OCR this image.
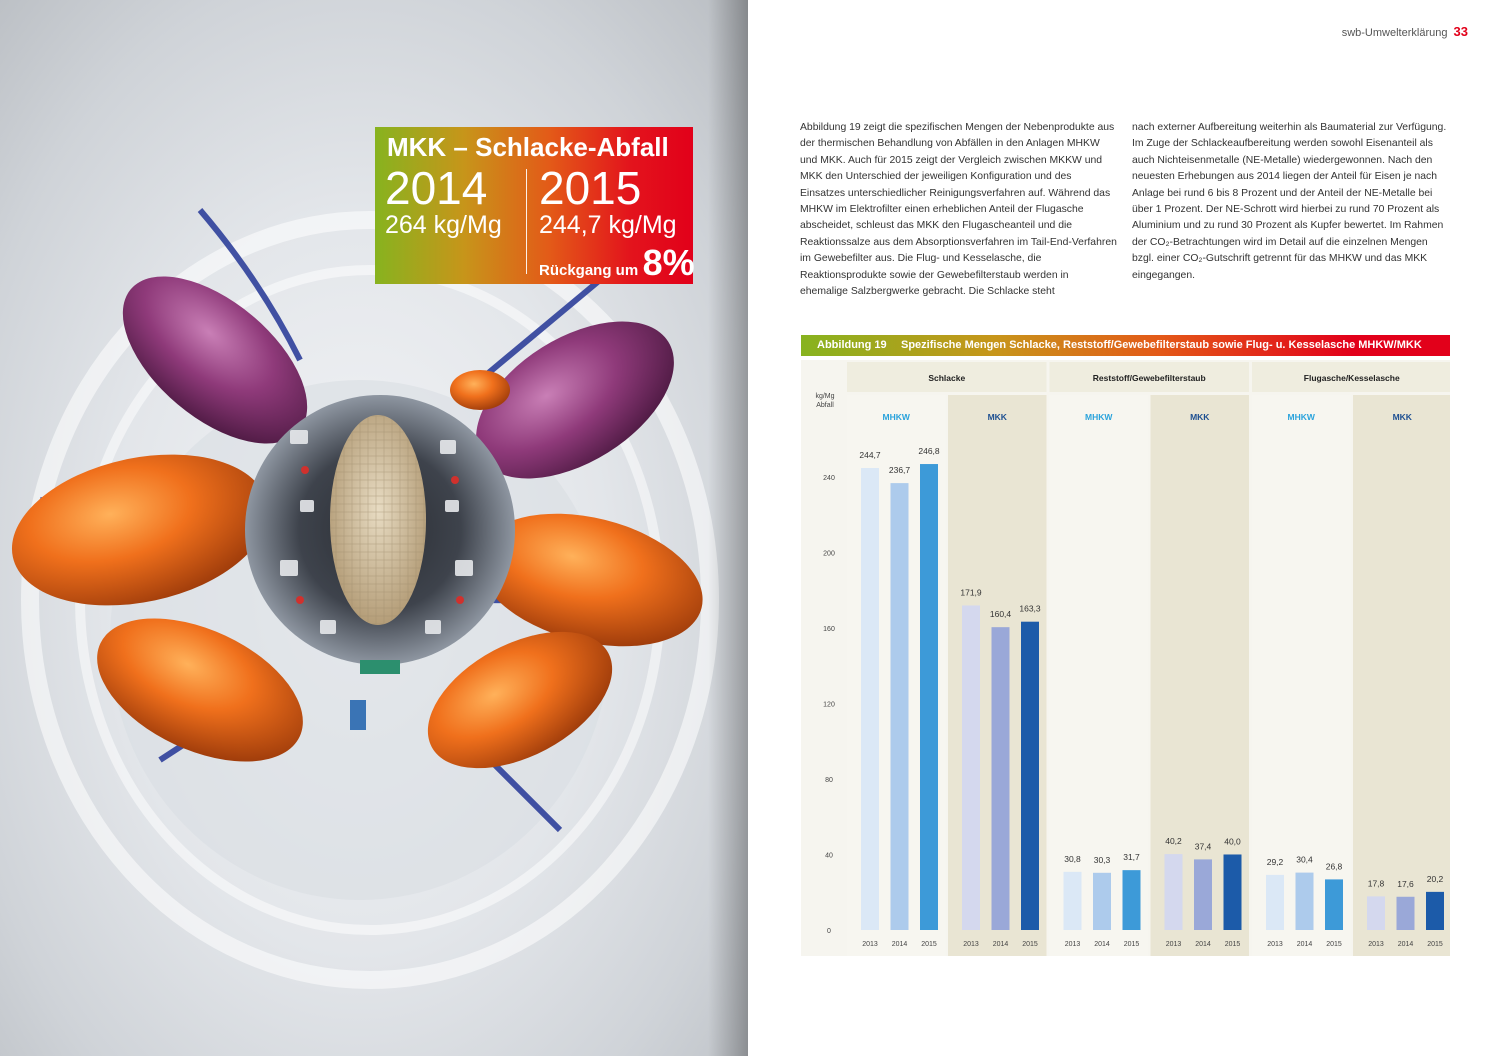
MKK – Schlacke-Abfall
2014
264 kg/Mg
2015
244,7 kg/Mg
Rückgang um 8%
swb-Umwelterklärung 33

Abbildung 19 zeigt die spezifischen Mengen der Nebenprodukte aus der thermischen Behandlung von Abfällen in den Anlagen MHKW und MKK. Auch für 2015 zeigt der Vergleich zwischen MKKW und MKK den Unterschied der jeweiligen Konfiguration und des Einsatzes unterschiedlicher Reinigungsverfahren auf. Während das MHKW im Elektrofilter einen erheblichen Anteil der Flugasche abscheidet, schleust das MKK den Flugascheanteil und die Reaktionssalze aus dem Absorptionsverfahren im Tail-End-Verfahren im Gewebefilter aus. Die Flug- und Kesselasche, die Reaktionsprodukte sowie der Gewebefilterstaub werden in ehemalige Salzbergwerke gebracht. Die Schlacke steht

nach externer Aufbereitung weiterhin als Baumaterial zur Verfügung. Im Zuge der Schlackeaufbereitung werden sowohl Eisenanteil als auch Nichteisenmetalle (NE-Metalle) wiedergewonnen. Nach den neuesten Erhebungen aus 2014 liegen der Anteil für Eisen je nach Anlage bei rund 6 bis 8 Prozent und der Anteil der NE-Metalle bei über 1 Prozent. Der NE-Schrott wird hierbei zu rund 70 Prozent als Aluminium und zu rund 30 Prozent als Kupfer bewertet. Im Rahmen der CO₂-Betrachtungen wird im Detail auf die einzelnen Mengen bzgl. einer CO₂-Gutschrift getrennt für das MHKW und das MKK eingegangen.

Abbildung 19 Spezifische Mengen Schlacke, Reststoff/Gewebefilterstaub sowie Flug- u. Kesselasche MHKW/MKK
kg/Mg
Abfall
0
40
80
120
160
200
240
Schlacke
MHKW
244,7
2013
236,7
2014
246,8
2015
MKK
171,9
2013
160,4
2014
163,3
2015
Reststoff/Gewebefilterstaub
MHKW
30,8
2013
30,3
2014
31,7
2015
MKK
40,2
2013
37,4
2014
40,0
2015
Flugasche/Kesselasche
MHKW
29,2
2013
30,4
2014
26,8
2015
MKK
17,8
2013
17,6
2014
20,2
2015
